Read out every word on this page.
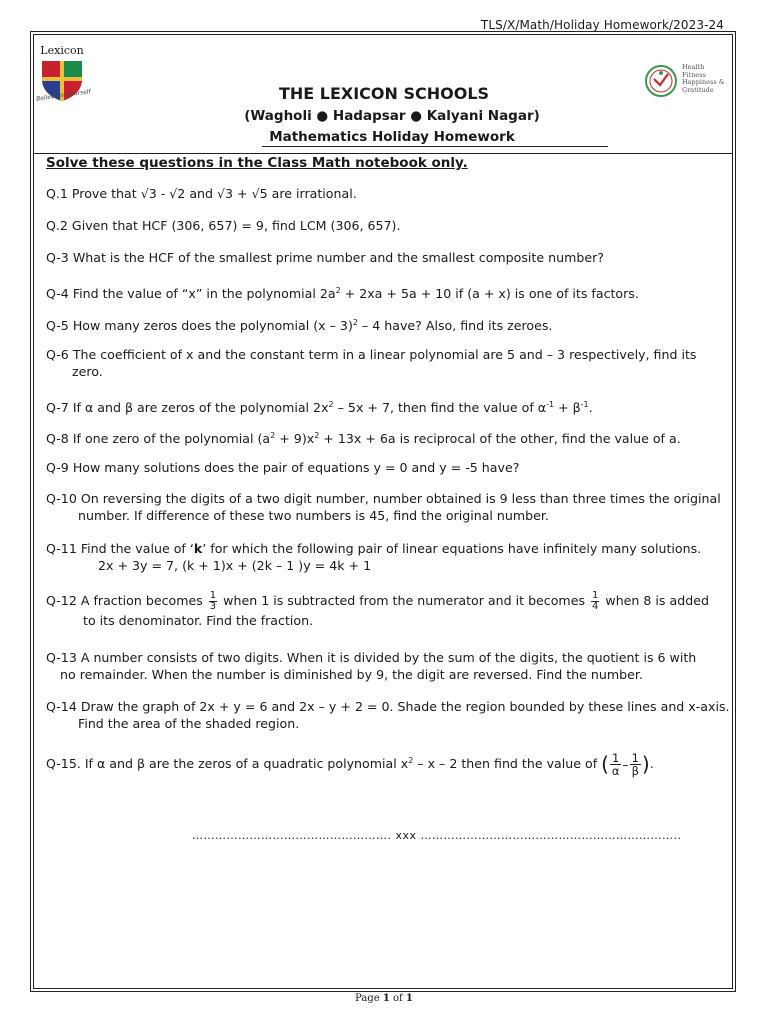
TLS/X/Math/Holiday Homework/2023-24
Lexicon
Believe in Yourself
Health
Fitness
Happiness &
Gratitude
THE LEXICON SCHOOLS
(Wagholi ● Hadapsar ● Kalyani Nagar)
Mathematics Holiday Homework
Solve these questions in the Class Math notebook only.
Q.1 Prove that √3 - √2 and √3 + √5 are irrational.
Q.2 Given that HCF (306, 657) = 9, find LCM (306, 657).
Q-3 What is the HCF of the smallest prime number and the smallest composite number?
Q-4 Find the value of “x” in the polynomial $2a^2 + 2xa + 5a + 10$ if (a + x) is one of its factors.
Q-5 How many zeros does the polynomial (x – 3)$^2$ – 4 have? Also, find its zeroes.
Q-6 The coefficient of x and the constant term in a linear polynomial are 5 and – 3 respectively, find its
zero.
Q-7 If α and β are zeros of the polynomial $2x^2 - 5x + 7$, then find the value of $\alpha^{-1} + \beta^{-1}$.
Q-8 If one zero of the polynomial $(a^2 + 9)x^2 + 13x + 6a$ is reciprocal of the other, find the value of a.
Q-9 How many solutions does the pair of equations y = 0 and y = -5 have?
Q-10 On reversing the digits of a two digit number, number obtained is 9 less than three times the original
number. If difference of these two numbers is 45, find the original number.
Q-11 Find the value of ‘k’ for which the following pair of linear equations have infinitely many solutions.
2x + 3y = 7, (k + 1)x + (2k – 1 )y = 4k + 1
Q-12 A fraction becomes $\frac{1}{3}$ when 1 is subtracted from the numerator and it becomes $\frac{1}{4}$ when 8 is added
to its denominator. Find the fraction.
Q-13 A number consists of two digits. When it is divided by the sum of the digits, the quotient is 6 with
no remainder. When the number is diminished by 9, the digit are reversed. Find the number.
Q-14 Draw the graph of 2x + y = 6 and 2x – y + 2 = 0. Shade the region bounded by these lines and x-axis.
Find the area of the shaded region.
Q-15. If α and β are the zeros of a quadratic polynomial $x^2$ – x – 2 then find the value of ( $\frac{1}{\alpha}- \frac{1}{\beta}$).
……………………………………………. xxx …………………………………………………………..
Page 1 of 1
